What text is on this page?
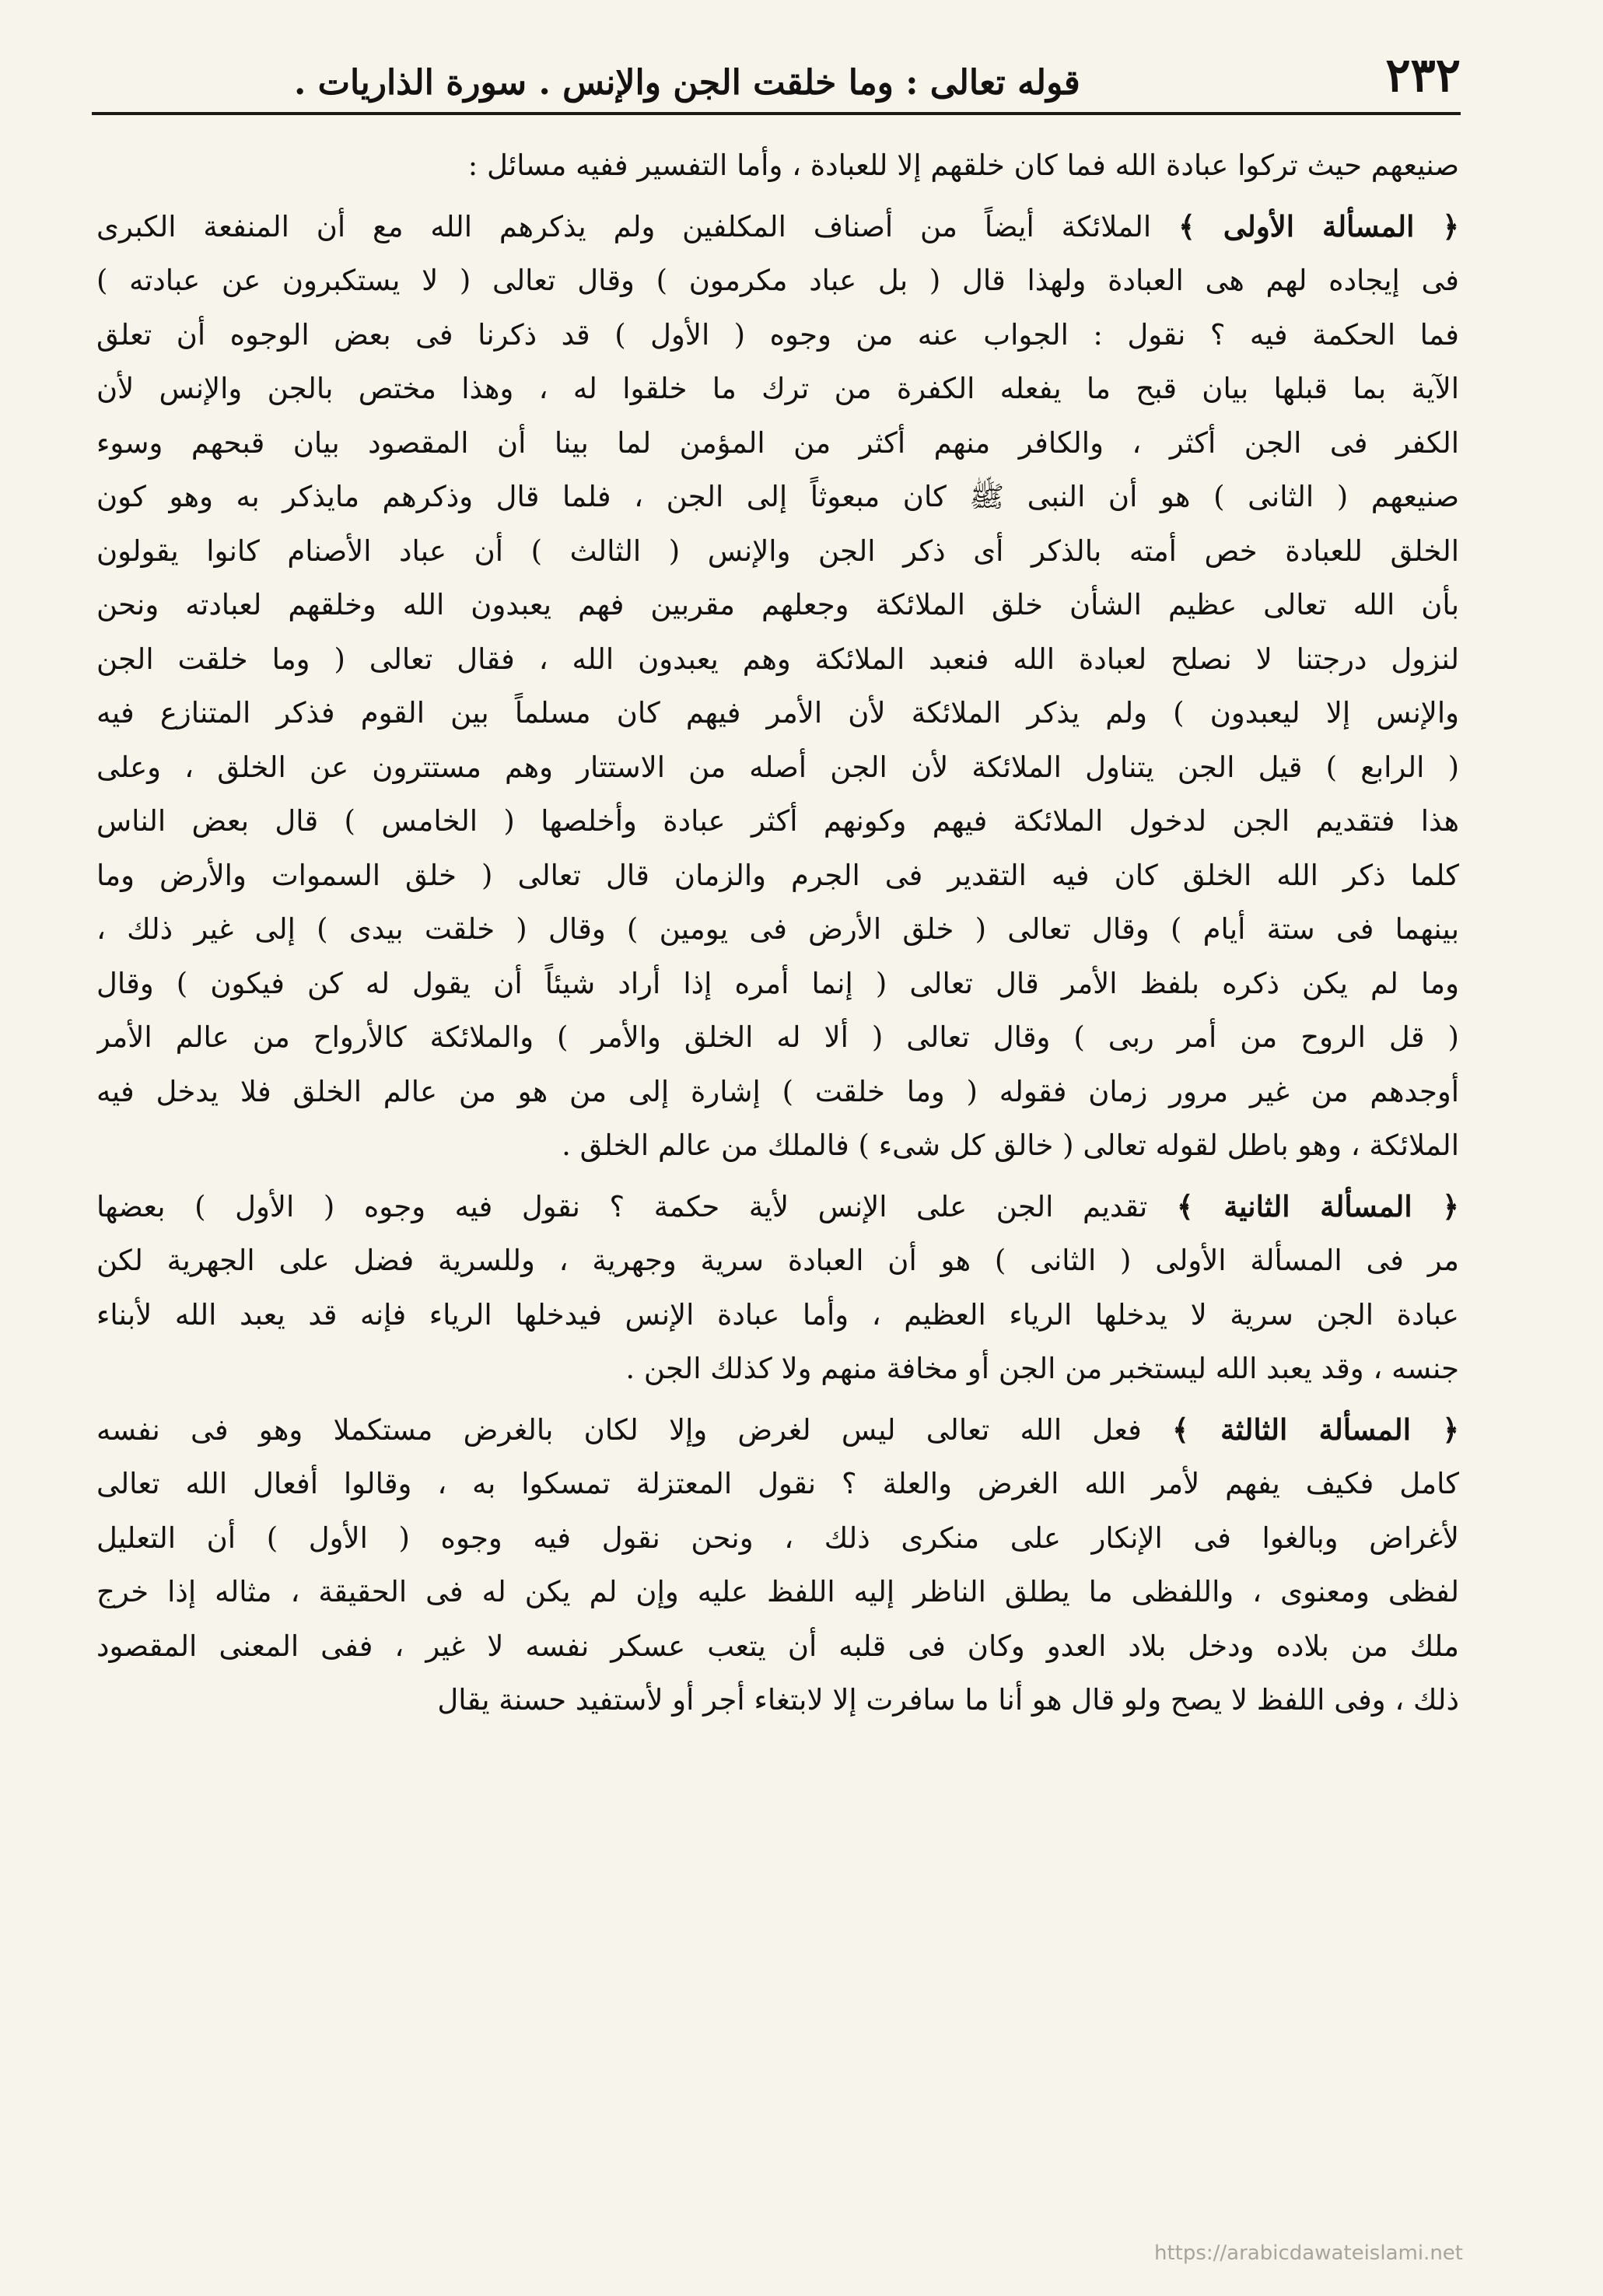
٢٣٢
قوله تعالى : وما خلقت الجن والإنس . سورة الذاريات .
صنيعهم حيث تركوا عبادة الله فما كان خلقهم إلا للعبادة ، وأما التفسير ففيه مسائل :
﴿ المسألة الأولى ﴾ الملائكة أيضاً من أصناف المكلفين ولم يذكرهم الله مع أن المنفعة الكبرى
فى إيجاده لهم هى العبادة ولهذا قال ( بل عباد مكرمون ) وقال تعالى ( لا يستكبرون عن عبادته )
فما الحكمة فيه ؟ نقول : الجواب عنه من وجوه ( الأول ) قد ذكرنا فى بعض الوجوه أن تعلق
الآية بما قبلها بيان قبح ما يفعله الكفرة من ترك ما خلقوا له ، وهذا مختص بالجن والإنس لأن
الكفر فى الجن أكثر ، والكافر منهم أكثر من المؤمن لما بينا أن المقصود بيان قبحهم وسوء
صنيعهم ( الثانى ) هو أن النبى ﷺ كان مبعوثاً إلى الجن ، فلما قال وذكرهم مايذكر به وهو كون
الخلق للعبادة خص أمته بالذكر أى ذكر الجن والإنس ( الثالث ) أن عباد الأصنام كانوا يقولون
بأن الله تعالى عظيم الشأن خلق الملائكة وجعلهم مقربين فهم يعبدون الله وخلقهم لعبادته ونحن
لنزول درجتنا لا نصلح لعبادة الله فنعبد الملائكة وهم يعبدون الله ، فقال تعالى ( وما خلقت الجن
والإنس إلا ليعبدون ) ولم يذكر الملائكة لأن الأمر فيهم كان مسلماً بين القوم فذكر المتنازع فيه
( الرابع ) قيل الجن يتناول الملائكة لأن الجن أصله من الاستتار وهم مستترون عن الخلق ، وعلى
هذا فتقديم الجن لدخول الملائكة فيهم وكونهم أكثر عبادة وأخلصها ( الخامس ) قال بعض الناس
كلما ذكر الله الخلق كان فيه التقدير فى الجرم والزمان قال تعالى ( خلق السموات والأرض وما
بينهما فى ستة أيام ) وقال تعالى ( خلق الأرض فى يومين ) وقال ( خلقت بيدى ) إلى غير ذلك ،
وما لم يكن ذكره بلفظ الأمر قال تعالى ( إنما أمره إذا أراد شيئاً أن يقول له كن فيكون ) وقال
( قل الروح من أمر ربى ) وقال تعالى ( ألا له الخلق والأمر ) والملائكة كالأرواح من عالم الأمر
أوجدهم من غير مرور زمان فقوله ( وما خلقت ) إشارة إلى من هو من عالم الخلق فلا يدخل فيه
الملائكة ، وهو باطل لقوله تعالى ( خالق كل شىء ) فالملك من عالم الخلق .
﴿ المسألة الثانية ﴾ تقديم الجن على الإنس لأية حكمة ؟ نقول فيه وجوه ( الأول ) بعضها
مر فى المسألة الأولى ( الثانى ) هو أن العبادة سرية وجهرية ، وللسرية فضل على الجهرية لكن
عبادة الجن سرية لا يدخلها الرياء العظيم ، وأما عبادة الإنس فيدخلها الرياء فإنه قد يعبد الله لأبناء
جنسه ، وقد يعبد الله ليستخبر من الجن أو مخافة منهم ولا كذلك الجن .
﴿ المسألة الثالثة ﴾ فعل الله تعالى ليس لغرض وإلا لكان بالغرض مستكملا وهو فى نفسه
كامل فكيف يفهم لأمر الله الغرض والعلة ؟ نقول المعتزلة تمسكوا به ، وقالوا أفعال الله تعالى
لأغراض وبالغوا فى الإنكار على منكرى ذلك ، ونحن نقول فيه وجوه ( الأول ) أن التعليل
لفظى ومعنوى ، واللفظى ما يطلق الناظر إليه اللفظ عليه وإن لم يكن له فى الحقيقة ، مثاله إذا خرج
ملك من بلاده ودخل بلاد العدو وكان فى قلبه أن يتعب عسكر نفسه لا غير ، ففى المعنى المقصود
ذلك ، وفى اللفظ لا يصح ولو قال هو أنا ما سافرت إلا لابتغاء أجر أو لأستفيد حسنة يقال
https://arabicdawateislami.net
